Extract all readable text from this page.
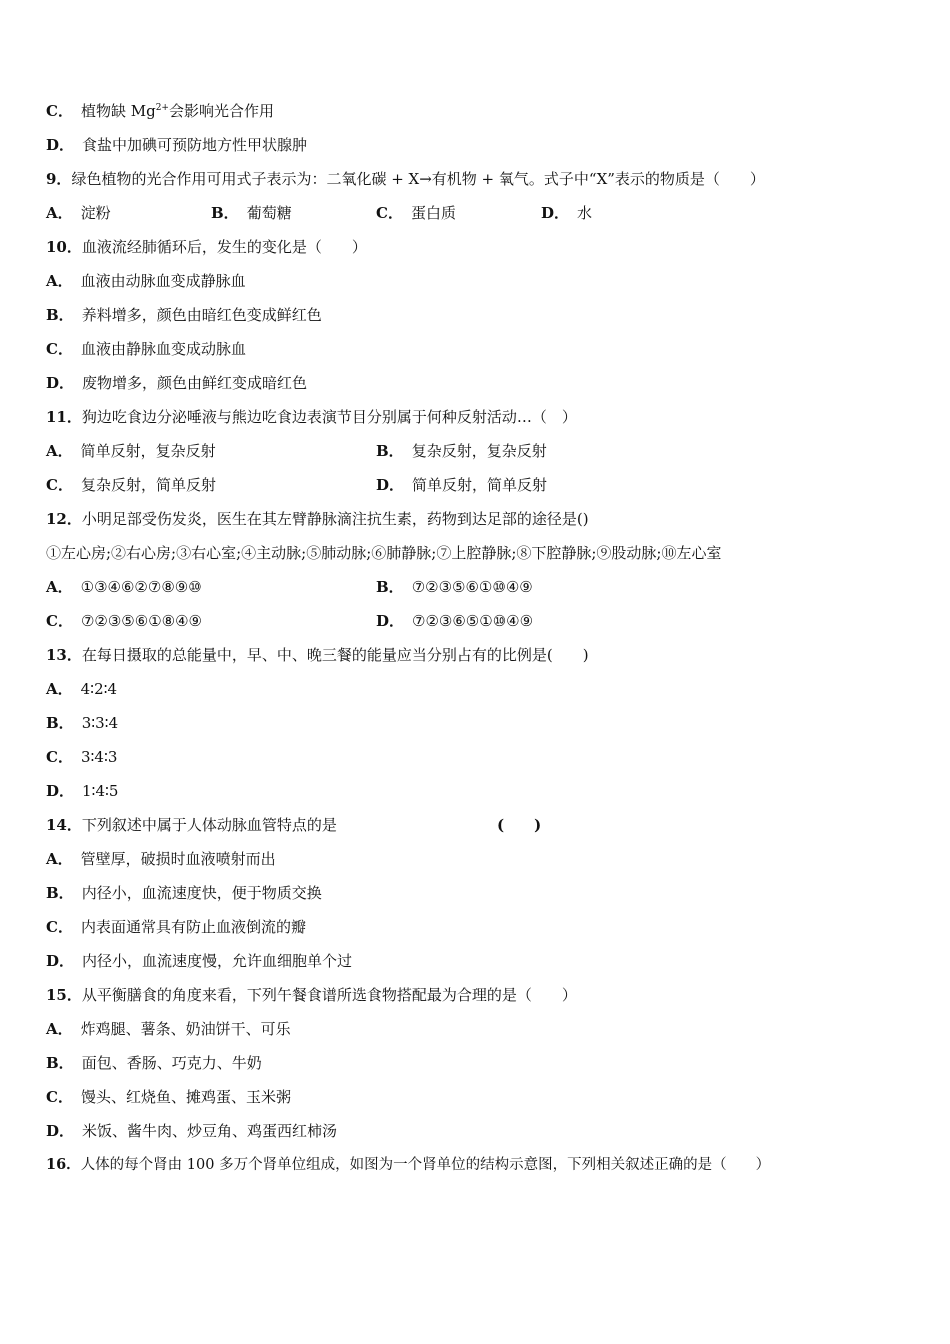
C． 植物缺 $Mg^{2+}$会影响光合作用
D． 食盐中加碘可预防地方性甲状腺肿
9．绿色植物的光合作用可用式子表示为：二氧化碳 + X→有机物 + 氧气。式子中“X”表示的物质是（　　）
A． 淀粉	B． 葡萄糖	C． 蛋白质	D． 水
10．血液流经肺循环后，发生的变化是（　　）
A． 血液由动脉血变成静脉血
B． 养料增多，颜色由暗红色变成鲜红色
C． 血液由静脉血变成动脉血
D． 废物增多，颜色由鲜红变成暗红色
11．狗边吃食边分泌唾液与熊边吃食边表演节目分别属于何种反射活动…（　）
A． 简单反射，复杂反射	B． 复杂反射，复杂反射
C． 复杂反射，简单反射	D． 简单反射，简单反射
12．小明足部受伤发炎，医生在其左臂静脉滴注抗生素，药物到达足部的途径是()
①左心房;②右心房;③右心室;④主动脉;⑤肺动脉;⑥肺静脉;⑦上腔静脉;⑧下腔静脉;⑨股动脉;⑩左心室
A． ①③④⑥②⑦⑧⑨⑩	B． ⑦②③⑤⑥①⑩④⑨
C． ⑦②③⑤⑥①⑧④⑨	D． ⑦②③⑥⑤①⑩④⑨
13．在每日摄取的总能量中，早、中、晚三餐的能量应当分别占有的比例是(　　)
A． 4∶2∶4
B． 3∶3∶4
C． 3∶4∶3
D． 1∶4∶5
14．下列叙述中属于人体动脉血管特点的是	(　　)
A． 管壁厚，破损时血液喷射而出
B． 内径小，血流速度快，便于物质交换
C． 内表面通常具有防止血液倒流的瓣
D． 内径小，血流速度慢，允许血细胞单个过
15．从平衡膳食的角度来看，下列午餐食谱所选食物搭配最为合理的是（　　）
A． 炸鸡腿、薯条、奶油饼干、可乐
B． 面包、香肠、巧克力、牛奶
C． 馒头、红烧鱼、摊鸡蛋、玉米粥
D． 米饭、酱牛肉、炒豆角、鸡蛋西红柿汤
16．人体的每个肾由 100 多万个肾单位组成，如图为一个肾单位的结构示意图，下列相关叙述正确的是（　　）
